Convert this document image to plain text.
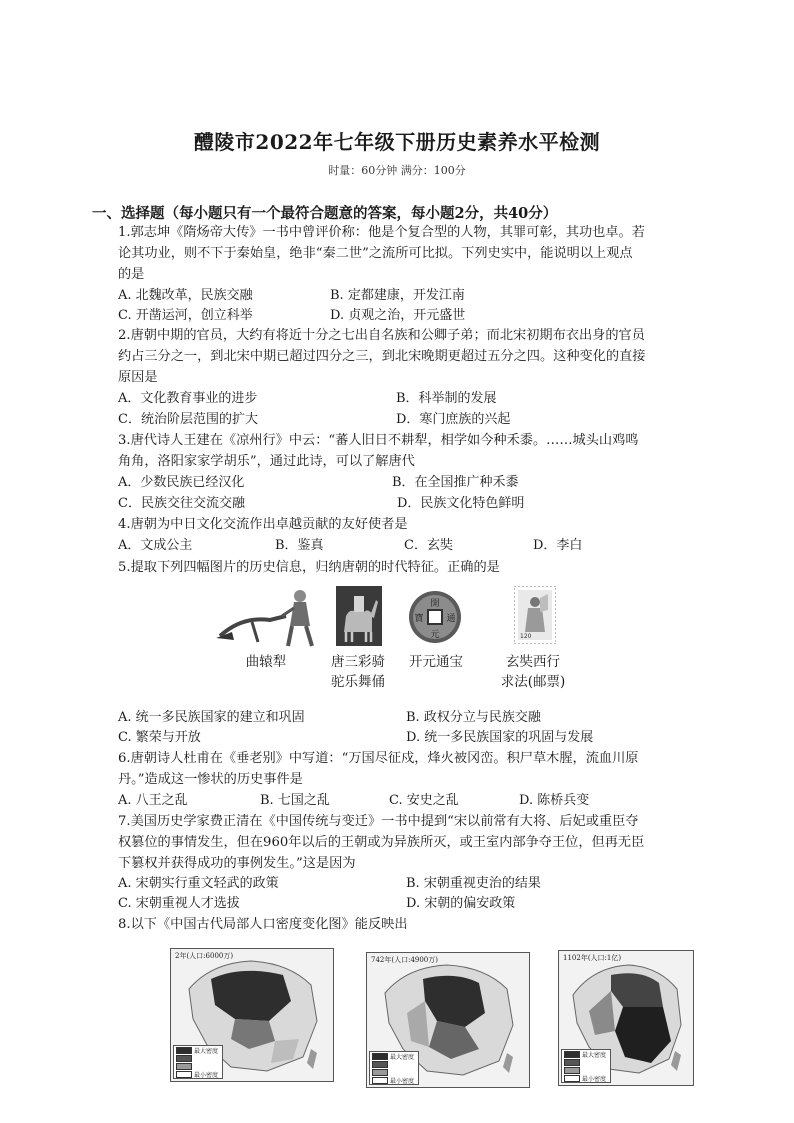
醴陵市2022年七年级下册历史素养水平检测
时量：60分钟 满分：100分
一、选择题（每小题只有一个最符合题意的答案，每小题2分，共40分）
1.郭志坤《隋炀帝大传》一书中曾评价称：他是个复合型的人物，其罪可彰，其功也卓。若
论其功业，则不下于秦始皇，绝非“秦二世”之流所可比拟。下列史实中，能说明以上观点
的是
A. 北魏改革，民族交融	B. 定都建康，开发江南
C. 开凿运河，创立科举	D. 贞观之治，开元盛世
2.唐朝中期的官员，大约有将近十分之七出自名族和公卿子弟；而北宋初期布衣出身的官员
约占三分之一，到北宋中期已超过四分之三，到北宋晚期更超过五分之四。这种变化的直接
原因是
A．文化教育事业的进步	B．科举制的发展
C．统治阶层范围的扩大	D．寒门庶族的兴起
3.唐代诗人王建在《凉州行》中云：“蕃人旧日不耕犁，相学如今种禾黍。……城头山鸡鸣
角角，洛阳家家学胡乐”，通过此诗，可以了解唐代
A．少数民族已经汉化	B．在全国推广种禾黍
C．民族交往交流交融	D．民族文化特色鲜明
4.唐朝为中日文化交流作出卓越贡献的友好使者是
A．文成公主	B．鉴真	C．玄奘	D．李白
5.提取下列四幅图片的历史信息，归纳唐朝的时代特征。正确的是
開
元
通
寶
120
曲辕犁	唐三彩骑
驼乐舞俑
开元通宝	玄奘西行
求法(邮票)
A. 统一多民族国家的建立和巩固	B. 政权分立与民族交融
C. 繁荣与开放	D. 统一多民族国家的巩固与发展
6.唐朝诗人杜甫在《垂老别》中写道：“万国尽征戍，烽火被冈峦。积尸草木腥，流血川原
丹。”造成这一惨状的历史事件是
A. 八王之乱	B. 七国之乱	C. 安史之乱	D. 陈桥兵变
7.美国历史学家费正清在《中国传统与变迁》一书中提到“宋以前常有大将、后妃或重臣夺
权篡位的事情发生，但在960年以后的王朝或为异族所灭，或王室内部争夺王位，但再无臣
下篡权并获得成功的事例发生。”这是因为
A. 宋朝实行重文轻武的政策	B. 宋朝重视吏治的结果
C. 宋朝重视人才选拔	D. 宋朝的偏安政策
8.以下《中国古代局部人口密度变化图》能反映出
2年(人口:6000万)
最大密度
最小密度
742年(人口:4900万)
最大密度
最小密度
1102年(人口:1亿)
最大密度
最小密度
